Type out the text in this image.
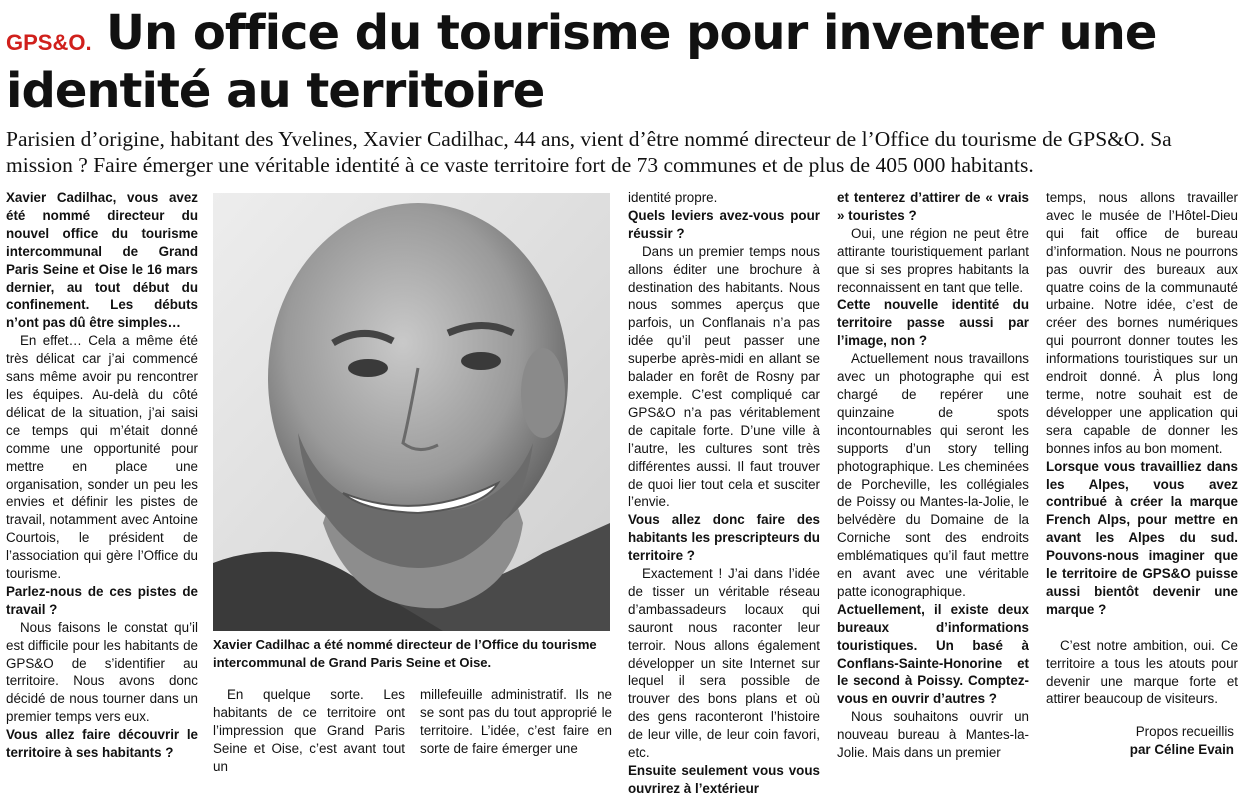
GPS&O. Un office du tourisme pour inventer une identité au territoire

Parisien d’origine, habitant des Yvelines, Xavier Cadilhac, 44 ans, vient d’être nommé directeur de l’Office du tourisme de GPS&O. Sa mission ? Faire émerger une véritable identité à ce vaste territoire fort de 73 communes et de plus de 405 000 habitants.

Xavier Cadilhac, vous avez été nommé directeur du nouvel office du tourisme intercommunal de Grand Paris Seine et Oise le 16 mars dernier, au tout début du confinement. Les débuts n’ont pas dû être simples…

En effet… Cela a même été très délicat car j’ai commencé sans même avoir pu rencontrer les équipes. Au-delà du côté délicat de la situation, j’ai saisi ce temps qui m’était donné comme une opportunité pour mettre en place une organisation, sonder un peu les envies et définir les pistes de travail, notamment avec Antoine Courtois, le président de l’association qui gère l’Office du tourisme.

Parlez-nous de ces pistes de travail ?

Nous faisons le constat qu’il est difficile pour les habitants de GPS&O de s’identifier au territoire. Nous avons donc décidé de nous tourner dans un premier temps vers eux.

Vous allez faire découvrir le territoire à ses habitants ?

Xavier Cadilhac a été nommé directeur de l’Office du tourisme intercommunal de Grand Paris Seine et Oise.

En quelque sorte. Les habitants de ce territoire ont l’impression que Grand Paris Seine et Oise, c’est avant tout un

millefeuille administratif. Ils ne se sont pas du tout approprié le territoire. L’idée, c’est faire en sorte de faire émerger une

identité propre.

Quels leviers avez-vous pour réussir ?

Dans un premier temps nous allons éditer une brochure à destination des habitants. Nous nous sommes aperçus que parfois, un Conflanais n’a pas idée qu’il peut passer une superbe après-midi en allant se balader en forêt de Rosny par exemple. C’est compliqué car GPS&O n’a pas véritablement de capitale forte. D’une ville à l’autre, les cultures sont très différentes aussi. Il faut trouver de quoi lier tout cela et susciter l’envie.

Vous allez donc faire des habitants les prescripteurs du territoire ?

Exactement ! J’ai dans l’idée de tisser un véritable réseau d’ambassadeurs locaux qui sauront nous raconter leur terroir. Nous allons également développer un site Internet sur lequel il sera possible de trouver des bons plans et où des gens raconteront l’histoire de leur ville, de leur coin favori, etc.

Ensuite seulement vous vous ouvrirez à l’extérieur

et tenterez d’attirer de « vrais » touristes ?

Oui, une région ne peut être attirante touristiquement parlant que si ses propres habitants la reconnaissent en tant que telle.

Cette nouvelle identité du territoire passe aussi par l’image, non ?

Actuellement nous travaillons avec un photographe qui est chargé de repérer une quinzaine de spots incontournables qui seront les supports d’un story telling photographique. Les cheminées de Porcheville, les collégiales de Poissy ou Mantes-la-Jolie, le belvédère du Domaine de la Corniche sont des endroits emblématiques qu’il faut mettre en avant avec une véritable patte iconographique.

Actuellement, il existe deux bureaux d’informations touristiques. Un basé à Conflans-Sainte-Honorine et le second à Poissy. Comptez-vous en ouvrir d’autres ?

Nous souhaitons ouvrir un nouveau bureau à Mantes-la-Jolie. Mais dans un premier

temps, nous allons travailler avec le musée de l’Hôtel-Dieu qui fait office de bureau d’information. Nous ne pourrons pas ouvrir des bureaux aux quatre coins de la communauté urbaine. Notre idée, c’est de créer des bornes numériques qui pourront donner toutes les informations touristiques sur un endroit donné. À plus long terme, notre souhait est de développer une application qui sera capable de donner les bonnes infos au bon moment.

Lorsque vous travailliez dans les Alpes, vous avez contribué à créer la marque French Alps, pour mettre en avant les Alpes du sud. Pouvons-nous imaginer que le territoire de GPS&O puisse aussi bientôt devenir une marque ?

C’est notre ambition, oui. Ce territoire a tous les atouts pour devenir une marque forte et attirer beaucoup de visiteurs.

Propos recueillis
par Céline Evain
